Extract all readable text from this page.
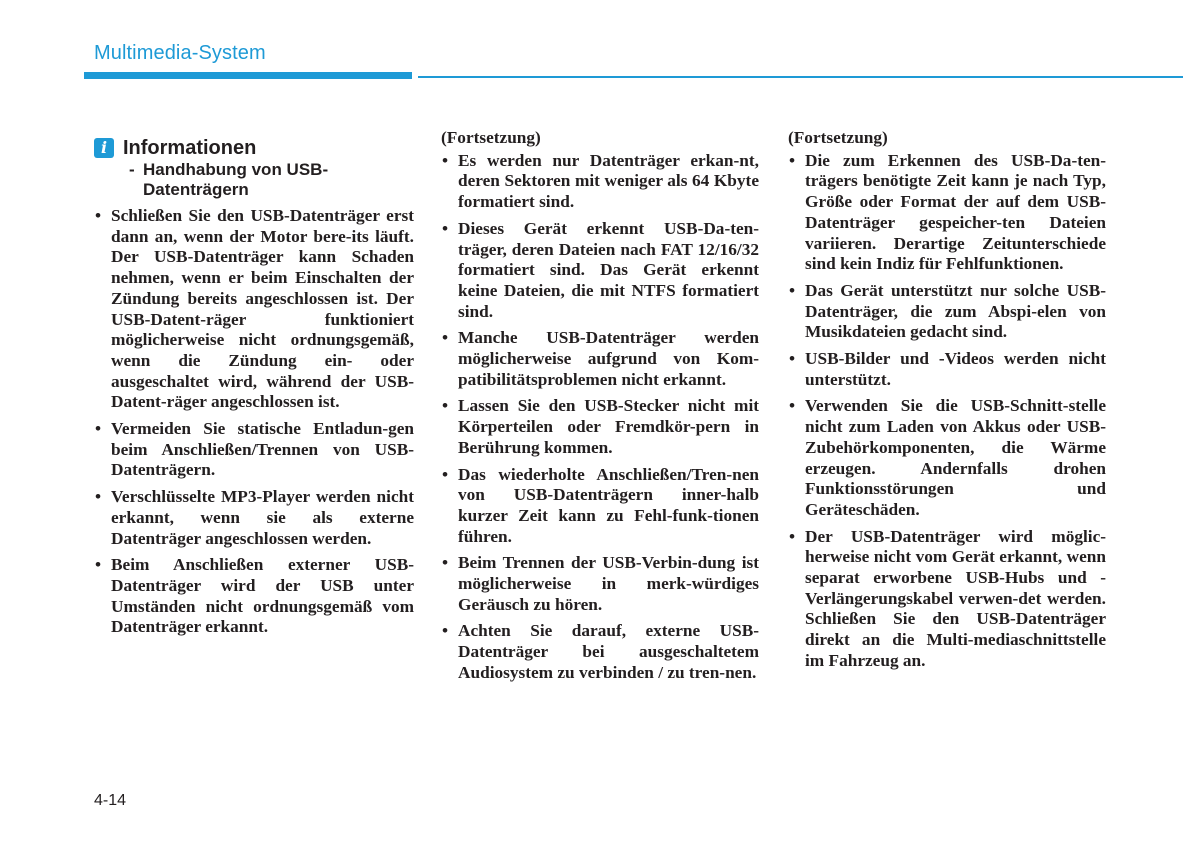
Multimedia-System
i Informationen
- Handhabung von USB-
Datenträgern
• Schließen Sie den USB-Datenträger erst dann an, wenn der Motor bere-its läuft. Der USB-Datenträger kann Schaden nehmen, wenn er beim Einschalten der Zündung bereits angeschlossen ist. Der USB-Datent-räger funktioniert möglicherweise nicht ordnungsgemäß, wenn die Zündung ein- oder ausgeschaltet wird, während der USB-Datent-räger angeschlossen ist.
• Vermeiden Sie statische Entladun-gen beim Anschließen/Trennen von USB-Datenträgern.
• Verschlüsselte MP3-Player werden nicht erkannt, wenn sie als externe Datenträger angeschlossen werden.
• Beim Anschließen externer USB-Datenträger wird der USB unter Umständen nicht ordnungsgemäß vom Datenträger erkannt.
(Fortsetzung)
• Es werden nur Datenträger erkan-nt, deren Sektoren mit weniger als 64 Kbyte formatiert sind.
• Dieses Gerät erkennt USB-Da-ten-träger, deren Dateien nach FAT 12/16/32 formatiert sind. Das Gerät erkennt keine Dateien, die mit NTFS formatiert sind.
• Manche USB-Datenträger werden möglicherweise aufgrund von Kom-patibilitätsproblemen nicht erkannt.
• Lassen Sie den USB-Stecker nicht mit Körperteilen oder Fremdkör-pern in Berührung kommen.
• Das wiederholte Anschließen/Tren-nen von USB-Datenträgern inner-halb kurzer Zeit kann zu Fehl-funk-tionen führen.
• Beim Trennen der USB-Verbin-dung ist möglicherweise in merk-würdiges Geräusch zu hören.
• Achten Sie darauf, externe USB-Datenträger bei ausgeschaltetem Audiosystem zu verbinden / zu tren-nen.
(Fortsetzung)
• Die zum Erkennen des USB-Da-ten-trägers benötigte Zeit kann je nach Typ, Größe oder Format der auf dem USB-Datenträger gespeicher-ten Dateien variieren. Derartige Zeitunterschiede sind kein Indiz für Fehlfunktionen.
• Das Gerät unterstützt nur solche USB-Datenträger, die zum Abspi-elen von Musikdateien gedacht sind.
• USB-Bilder und -Videos werden nicht unterstützt.
• Verwenden Sie die USB-Schnitt-stelle nicht zum Laden von Akkus oder USB-Zubehörkomponenten, die Wärme erzeugen. Andernfalls drohen Funktionsstörungen und Geräteschäden.
• Der USB-Datenträger wird möglic-herweise nicht vom Gerät erkannt, wenn separat erworbene USB-Hubs und -Verlängerungskabel verwen-det werden. Schließen Sie den USB-Datenträger direkt an die Multi-mediaschnittstelle im Fahrzeug an.
4-14
